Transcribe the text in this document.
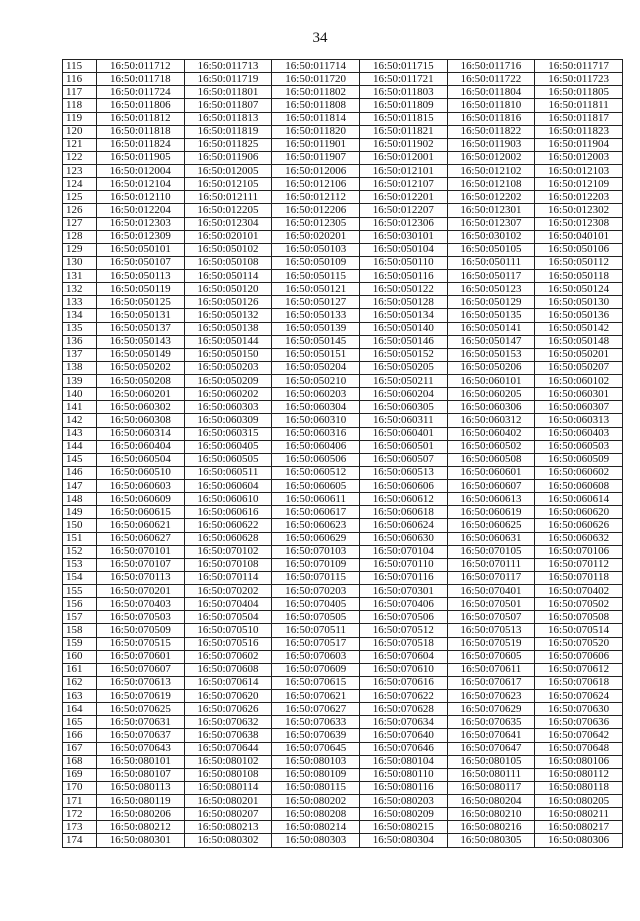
34
115	16:50:011712	16:50:011713	16:50:011714	16:50:011715	16:50:011716	16:50:011717
116	16:50:011718	16:50:011719	16:50:011720	16:50:011721	16:50:011722	16:50:011723
117	16:50:011724	16:50:011801	16:50:011802	16:50:011803	16:50:011804	16:50:011805
118	16:50:011806	16:50:011807	16:50:011808	16:50:011809	16:50:011810	16:50:011811
119	16:50:011812	16:50:011813	16:50:011814	16:50:011815	16:50:011816	16:50:011817
120	16:50:011818	16:50:011819	16:50:011820	16:50:011821	16:50:011822	16:50:011823
121	16:50:011824	16:50:011825	16:50:011901	16:50:011902	16:50:011903	16:50:011904
122	16:50:011905	16:50:011906	16:50:011907	16:50:012001	16:50:012002	16:50:012003
123	16:50:012004	16:50:012005	16:50:012006	16:50:012101	16:50:012102	16:50:012103
124	16:50:012104	16:50:012105	16:50:012106	16:50:012107	16:50:012108	16:50:012109
125	16:50:012110	16:50:012111	16:50:012112	16:50:012201	16:50:012202	16:50:012203
126	16:50:012204	16:50:012205	16:50:012206	16:50:012207	16:50:012301	16:50:012302
127	16:50:012303	16:50:012304	16:50:012305	16:50:012306	16:50:012307	16:50:012308
128	16:50:012309	16:50:020101	16:50:020201	16:50:030101	16:50:030102	16:50:040101
129	16:50:050101	16:50:050102	16:50:050103	16:50:050104	16:50:050105	16:50:050106
130	16:50:050107	16:50:050108	16:50:050109	16:50:050110	16:50:050111	16:50:050112
131	16:50:050113	16:50:050114	16:50:050115	16:50:050116	16:50:050117	16:50:050118
132	16:50:050119	16:50:050120	16:50:050121	16:50:050122	16:50:050123	16:50:050124
133	16:50:050125	16:50:050126	16:50:050127	16:50:050128	16:50:050129	16:50:050130
134	16:50:050131	16:50:050132	16:50:050133	16:50:050134	16:50:050135	16:50:050136
135	16:50:050137	16:50:050138	16:50:050139	16:50:050140	16:50:050141	16:50:050142
136	16:50:050143	16:50:050144	16:50:050145	16:50:050146	16:50:050147	16:50:050148
137	16:50:050149	16:50:050150	16:50:050151	16:50:050152	16:50:050153	16:50:050201
138	16:50:050202	16:50:050203	16:50:050204	16:50:050205	16:50:050206	16:50:050207
139	16:50:050208	16:50:050209	16:50:050210	16:50:050211	16:50:060101	16:50:060102
140	16:50:060201	16:50:060202	16:50:060203	16:50:060204	16:50:060205	16:50:060301
141	16:50:060302	16:50:060303	16:50:060304	16:50:060305	16:50:060306	16:50:060307
142	16:50:060308	16:50:060309	16:50:060310	16:50:060311	16:50:060312	16:50:060313
143	16:50:060314	16:50:060315	16:50:060316	16:50:060401	16:50:060402	16:50:060403
144	16:50:060404	16:50:060405	16:50:060406	16:50:060501	16:50:060502	16:50:060503
145	16:50:060504	16:50:060505	16:50:060506	16:50:060507	16:50:060508	16:50:060509
146	16:50:060510	16:50:060511	16:50:060512	16:50:060513	16:50:060601	16:50:060602
147	16:50:060603	16:50:060604	16:50:060605	16:50:060606	16:50:060607	16:50:060608
148	16:50:060609	16:50:060610	16:50:060611	16:50:060612	16:50:060613	16:50:060614
149	16:50:060615	16:50:060616	16:50:060617	16:50:060618	16:50:060619	16:50:060620
150	16:50:060621	16:50:060622	16:50:060623	16:50:060624	16:50:060625	16:50:060626
151	16:50:060627	16:50:060628	16:50:060629	16:50:060630	16:50:060631	16:50:060632
152	16:50:070101	16:50:070102	16:50:070103	16:50:070104	16:50:070105	16:50:070106
153	16:50:070107	16:50:070108	16:50:070109	16:50:070110	16:50:070111	16:50:070112
154	16:50:070113	16:50:070114	16:50:070115	16:50:070116	16:50:070117	16:50:070118
155	16:50:070201	16:50:070202	16:50:070203	16:50:070301	16:50:070401	16:50:070402
156	16:50:070403	16:50:070404	16:50:070405	16:50:070406	16:50:070501	16:50:070502
157	16:50:070503	16:50:070504	16:50:070505	16:50:070506	16:50:070507	16:50:070508
158	16:50:070509	16:50:070510	16:50:070511	16:50:070512	16:50:070513	16:50:070514
159	16:50:070515	16:50:070516	16:50:070517	16:50:070518	16:50:070519	16:50:070520
160	16:50:070601	16:50:070602	16:50:070603	16:50:070604	16:50:070605	16:50:070606
161	16:50:070607	16:50:070608	16:50:070609	16:50:070610	16:50:070611	16:50:070612
162	16:50:070613	16:50:070614	16:50:070615	16:50:070616	16:50:070617	16:50:070618
163	16:50:070619	16:50:070620	16:50:070621	16:50:070622	16:50:070623	16:50:070624
164	16:50:070625	16:50:070626	16:50:070627	16:50:070628	16:50:070629	16:50:070630
165	16:50:070631	16:50:070632	16:50:070633	16:50:070634	16:50:070635	16:50:070636
166	16:50:070637	16:50:070638	16:50:070639	16:50:070640	16:50:070641	16:50:070642
167	16:50:070643	16:50:070644	16:50:070645	16:50:070646	16:50:070647	16:50:070648
168	16:50:080101	16:50:080102	16:50:080103	16:50:080104	16:50:080105	16:50:080106
169	16:50:080107	16:50:080108	16:50:080109	16:50:080110	16:50:080111	16:50:080112
170	16:50:080113	16:50:080114	16:50:080115	16:50:080116	16:50:080117	16:50:080118
171	16:50:080119	16:50:080201	16:50:080202	16:50:080203	16:50:080204	16:50:080205
172	16:50:080206	16:50:080207	16:50:080208	16:50:080209	16:50:080210	16:50:080211
173	16:50:080212	16:50:080213	16:50:080214	16:50:080215	16:50:080216	16:50:080217
174	16:50:080301	16:50:080302	16:50:080303	16:50:080304	16:50:080305	16:50:080306
